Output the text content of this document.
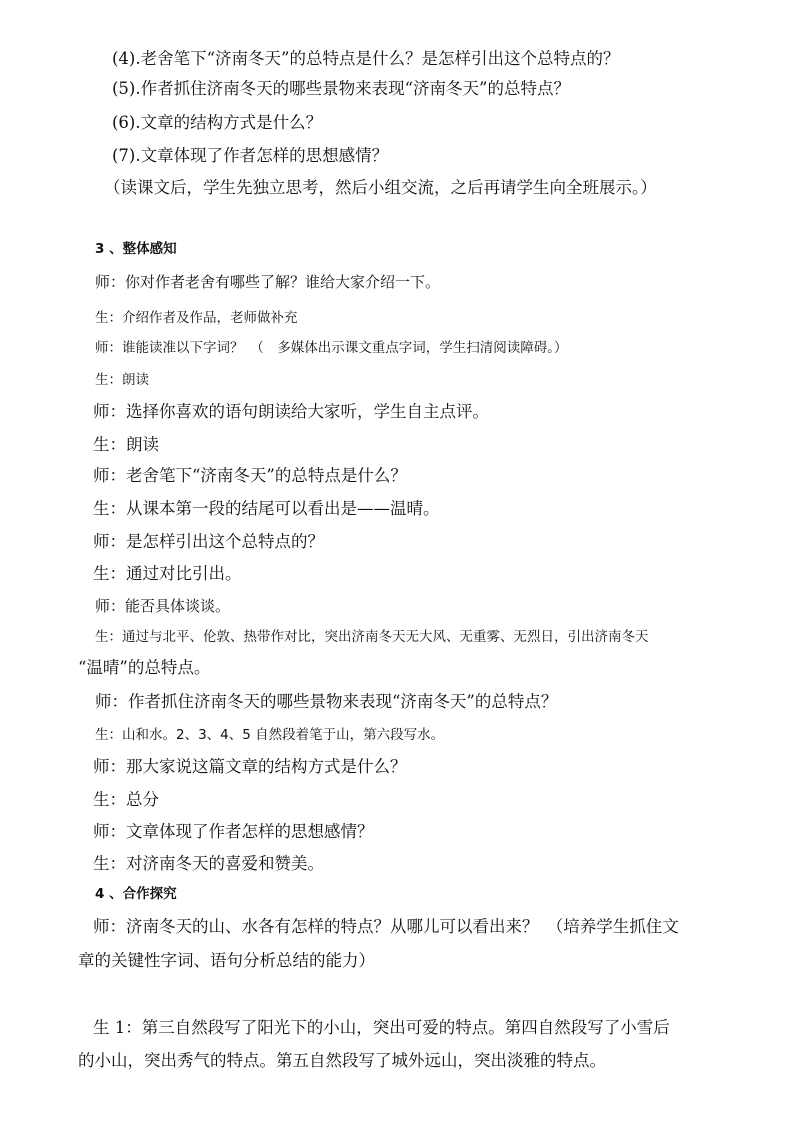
(4).老舍笔下“济南冬天”的总特点是什么？是怎样引出这个总特点的？
(5).作者抓住济南冬天的哪些景物来表现“济南冬天”的总特点？
(6).文章的结构方式是什么？
(7).文章体现了作者怎样的思想感情？
（读课文后，学生先独立思考，然后小组交流，之后再请学生向全班展示。）
3 、整体感知
师：你对作者老舍有哪些了解？谁给大家介绍一下。
生：介绍作者及作品，老师做补充
师：谁能读准以下字词？　（　多媒体出示课文重点字词，学生扫清阅读障碍。）
生：朗读
师：选择你喜欢的语句朗读给大家听，学生自主点评。
生：朗读
师：老舍笔下“济南冬天”的总特点是什么？
生：从课本第一段的结尾可以看出是——温晴。
师：是怎样引出这个总特点的？
生：通过对比引出。
师：能否具体谈谈。
生：通过与北平、伦敦、热带作对比，突出济南冬天无大风、无重雾、无烈日，引出济南冬天
“温晴”的总特点。
师：作者抓住济南冬天的哪些景物来表现“济南冬天”的总特点？
生：山和水。2、3、4、5 自然段着笔于山，第六段写水。
师：那大家说这篇文章的结构方式是什么？
生：总分
师：文章体现了作者怎样的思想感情？
生：对济南冬天的喜爱和赞美。
4 、合作探究
师：济南冬天的山、水各有怎样的特点？从哪儿可以看出来？　（培养学生抓住文
章的关键性字词、语句分析总结的能力）
生 1：第三自然段写了阳光下的小山，突出可爱的特点。第四自然段写了小雪后
的小山，突出秀气的特点。第五自然段写了城外远山，突出淡雅的特点。
